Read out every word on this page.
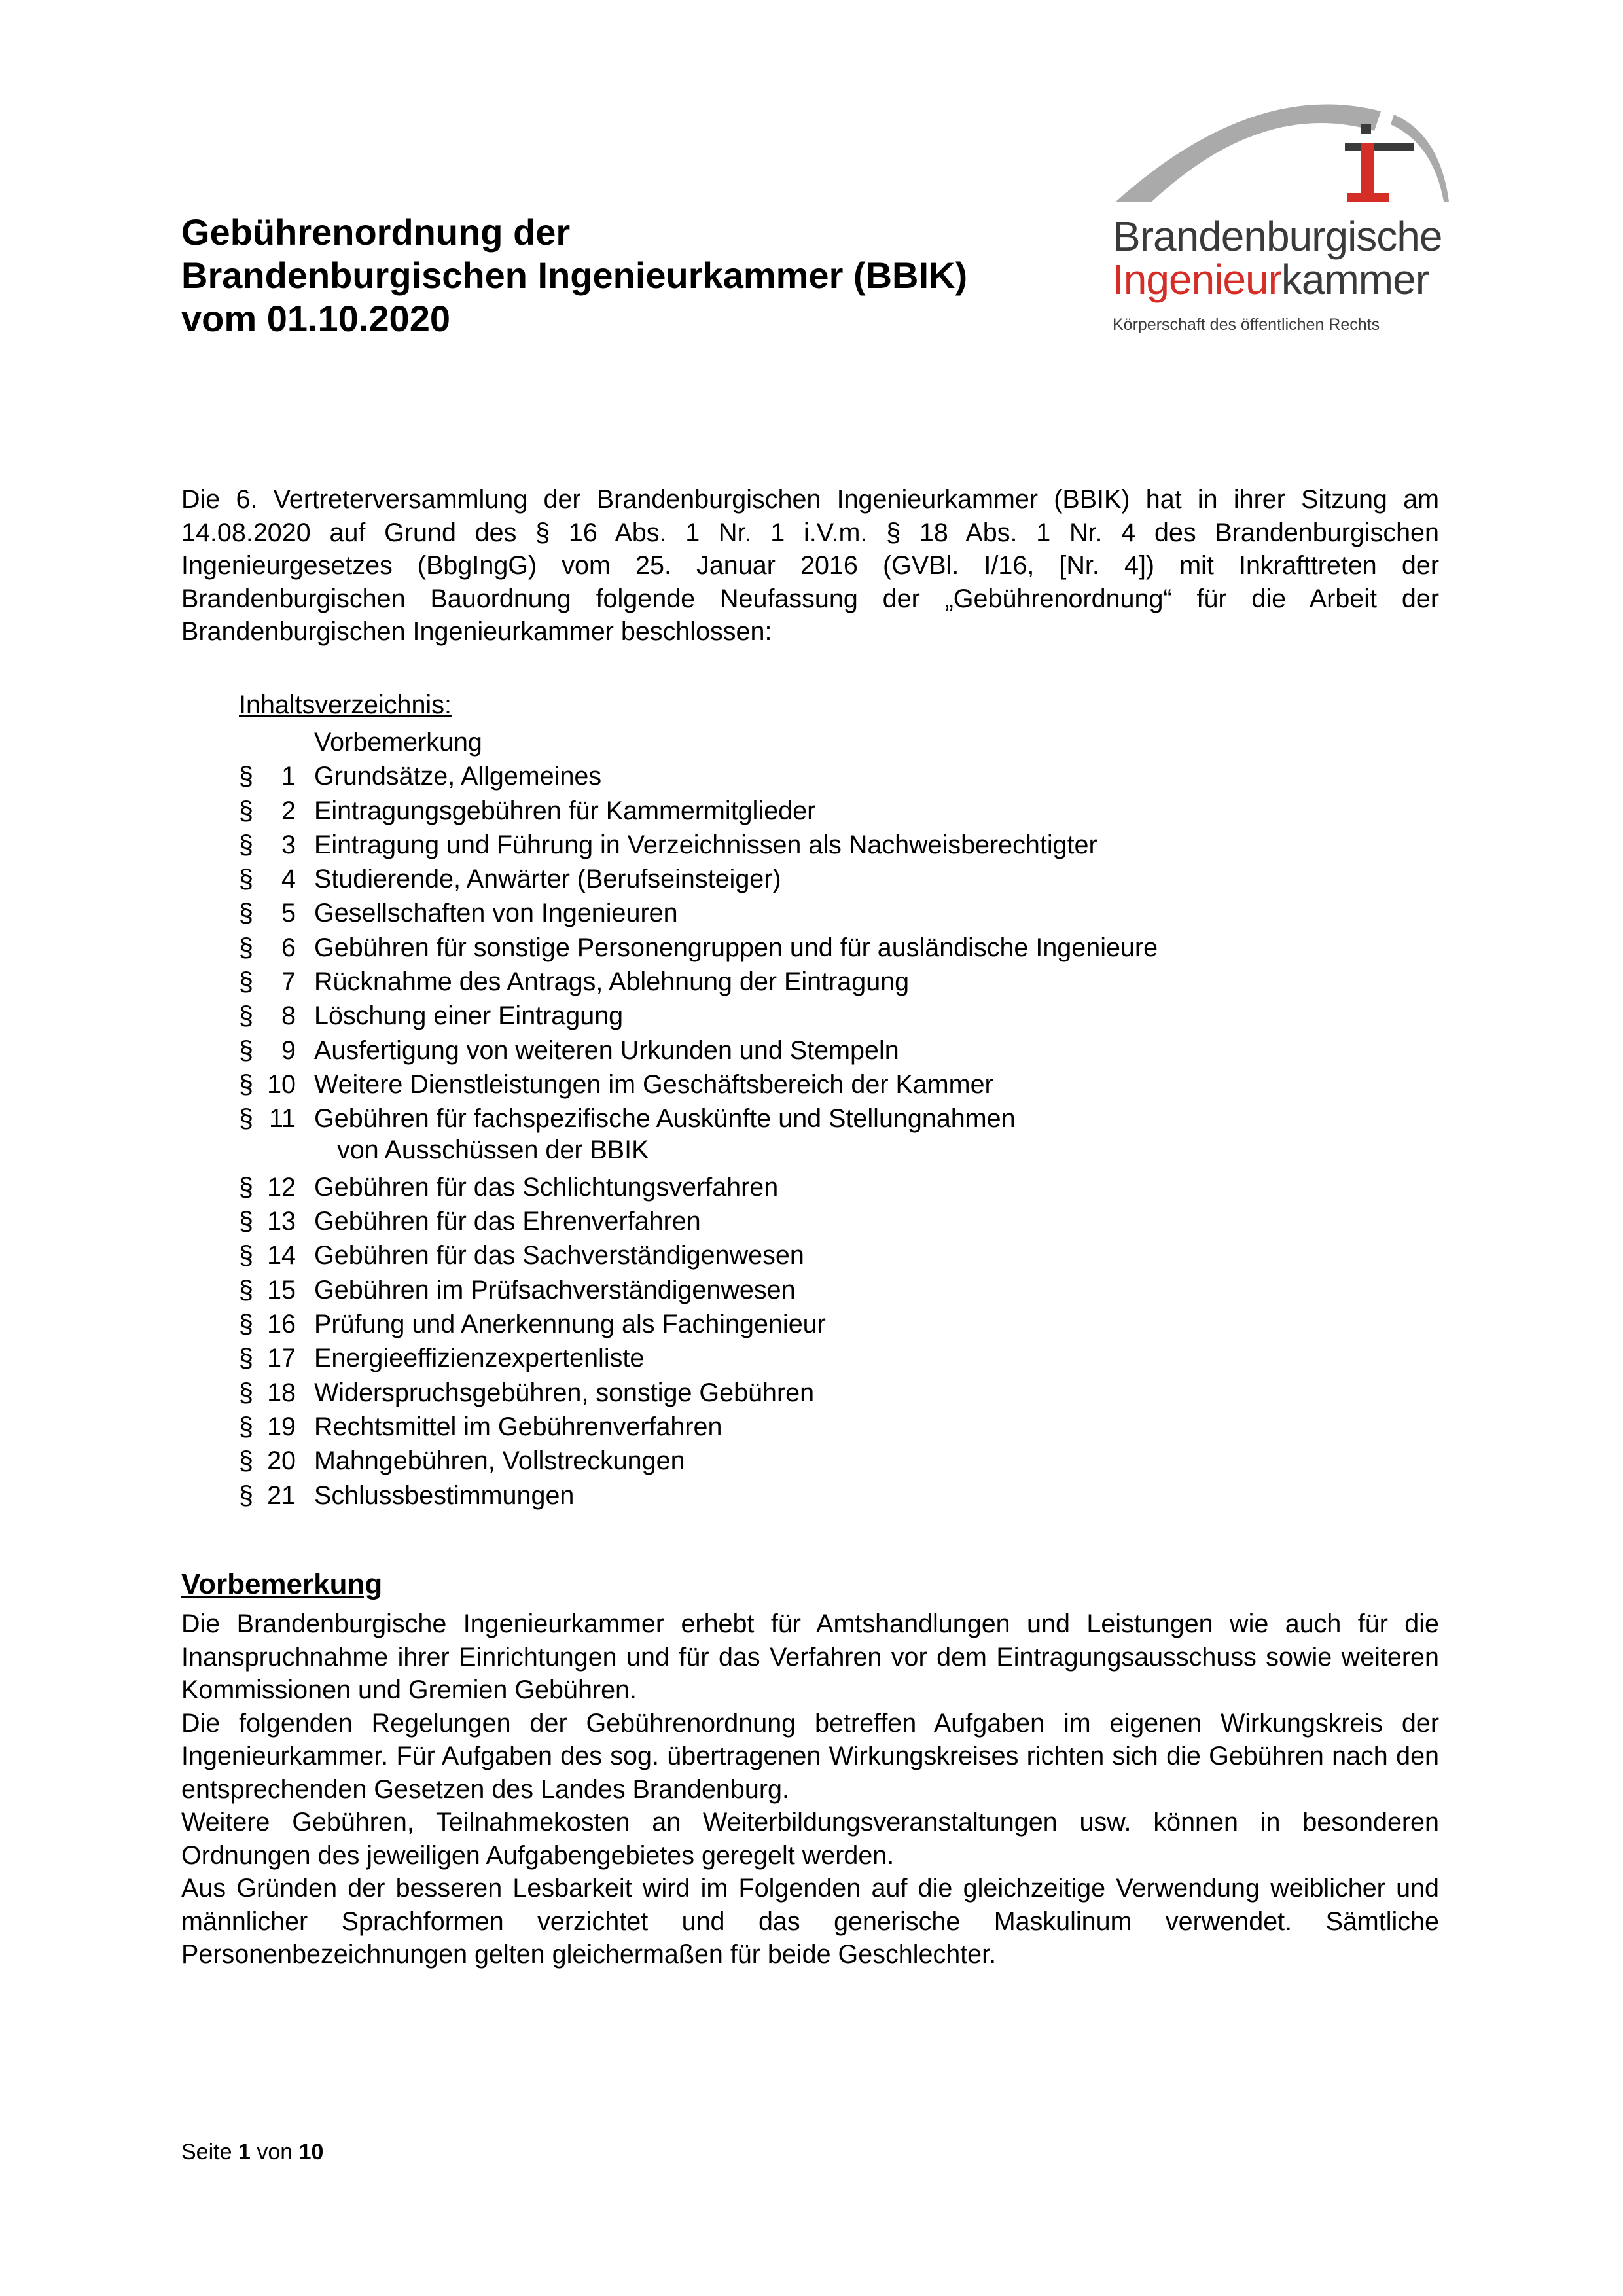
Gebührenordnung der
Brandenburgischen Ingenieurkammer (BBIK)
vom 01.10.2020
Brandenburgische
Ingenieurkammer
Körperschaft des öffentlichen Rechts

Die 6. Vertreterversammlung der Brandenburgischen Ingenieurkammer (BBIK) hat in ihrer Sitzung am 14.08.2020 auf Grund des § 16 Abs. 1 Nr. 1 i.V.m. § 18 Abs. 1 Nr. 4 des Brandenburgischen Ingenieurgesetzes (BbgIngG) vom 25. Januar 2016 (GVBl. I/16, [Nr. 4]) mit Inkrafttreten der Brandenburgischen Bauordnung folgende Neufassung der „Gebührenordnung“ für die Arbeit der Brandenburgischen Ingenieurkammer beschlossen:

Inhaltsverzeichnis:
Vorbemerkung
§ 1 Grundsätze, Allgemeines
§ 2 Eintragungsgebühren für Kammermitglieder
§ 3 Eintragung und Führung in Verzeichnissen als Nachweisberechtigter
§ 4 Studierende, Anwärter (Berufseinsteiger)
§ 5 Gesellschaften von Ingenieuren
§ 6 Gebühren für sonstige Personengruppen und für ausländische Ingenieure
§ 7 Rücknahme des Antrags, Ablehnung der Eintragung
§ 8 Löschung einer Eintragung
§ 9 Ausfertigung von weiteren Urkunden und Stempeln
§ 10 Weitere Dienstleistungen im Geschäftsbereich der Kammer
§ 11 Gebühren für fachspezifische Auskünfte und Stellungnahmen
von Ausschüssen der BBIK
§ 12 Gebühren für das Schlichtungsverfahren
§ 13 Gebühren für das Ehrenverfahren
§ 14 Gebühren für das Sachverständigenwesen
§ 15 Gebühren im Prüfsachverständigenwesen
§ 16 Prüfung und Anerkennung als Fachingenieur
§ 17 Energieeffizienzexpertenliste
§ 18 Widerspruchsgebühren, sonstige Gebühren
§ 19 Rechtsmittel im Gebührenverfahren
§ 20 Mahngebühren, Vollstreckungen
§ 21 Schlussbestimmungen
Vorbemerkung

Die Brandenburgische Ingenieurkammer erhebt für Amtshandlungen und Leistungen wie auch für die Inanspruchnahme ihrer Einrichtungen und für das Verfahren vor dem Eintragungsausschuss sowie weiteren Kommissionen und Gremien Gebühren.

Die folgenden Regelungen der Gebührenordnung betreffen Aufgaben im eigenen Wirkungskreis der Ingenieurkammer. Für Aufgaben des sog. übertragenen Wirkungskreises richten sich die Gebühren nach den entsprechenden Gesetzen des Landes Brandenburg.

Weitere Gebühren, Teilnahmekosten an Weiterbildungsveranstaltungen usw. können in besonderen Ordnungen des jeweiligen Aufgabengebietes geregelt werden.

Aus Gründen der besseren Lesbarkeit wird im Folgenden auf die gleichzeitige Verwendung weiblicher und männlicher Sprachformen verzichtet und das generische Maskulinum verwendet. Sämtliche Personenbezeichnungen gelten gleichermaßen für beide Geschlechter.

Seite 1 von 10
